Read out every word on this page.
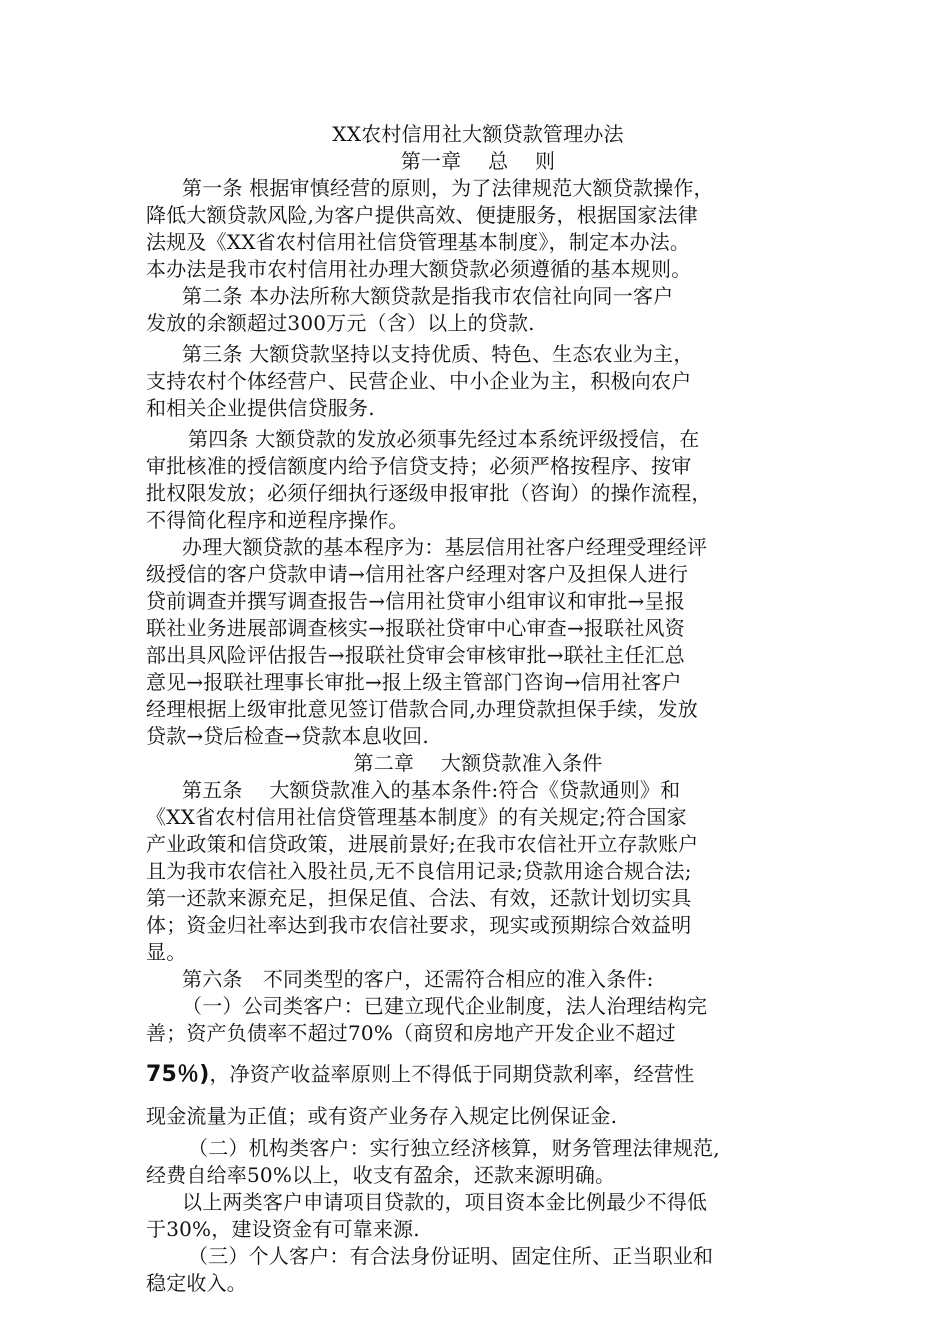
XX农村信用社大额贷款管理办法
第一章　 总　 则
第一条 根据审慎经营的原则，为了法律规范大额贷款操作，
降低大额贷款风险,为客户提供高效、便捷服务，根据国家法律
法规及《XX省农村信用社信贷管理基本制度》，制定本办法。
本办法是我市农村信用社办理大额贷款必须遵循的基本规则。
第二条 本办法所称大额贷款是指我市农信社向同一客户
发放的余额超过300万元（含）以上的贷款.
第三条 大额贷款坚持以支持优质、特色、生态农业为主，
支持农村个体经营户、民营企业、中小企业为主，积极向农户
和相关企业提供信贷服务.
第四条 大额贷款的发放必须事先经过本系统评级授信，在
审批核准的授信额度内给予信贷支持；必须严格按程序、按审
批权限发放；必须仔细执行逐级申报审批（咨询）的操作流程，
不得简化程序和逆程序操作。
办理大额贷款的基本程序为：基层信用社客户经理受理经评
级授信的客户贷款申请→信用社客户经理对客户及担保人进行
贷前调查并撰写调查报告→信用社贷审小组审议和审批→呈报
联社业务进展部调查核实→报联社贷审中心审查→报联社风资
部出具风险评估报告→报联社贷审会审核审批→联社主任汇总
意见→报联社理事长审批→报上级主管部门咨询→信用社客户
经理根据上级审批意见签订借款合同,办理贷款担保手续，发放
贷款→贷后检查→贷款本息收回.
第二章　 大额贷款准入条件
第五条　 大额贷款准入的基本条件:符合《贷款通则》和
《XX省农村信用社信贷管理基本制度》的有关规定;符合国家
产业政策和信贷政策，进展前景好;在我市农信社开立存款账户
且为我市农信社入股社员,无不良信用记录;贷款用途合规合法;
第一还款来源充足，担保足值、合法、有效，还款计划切实具
体；资金归社率达到我市农信社要求，现实或预期综合效益明
显。
第六条　不同类型的客户，还需符合相应的准入条件:
（一）公司类客户：已建立现代企业制度，法人治理结构完
善；资产负债率不超过70%（商贸和房地产开发企业不超过
75％)，净资产收益率原则上不得低于同期贷款利率，经营性
现金流量为正值；或有资产业务存入规定比例保证金.
（二）机构类客户：实行独立经济核算，财务管理法律规范,
经费自给率50%以上，收支有盈余，还款来源明确。
以上两类客户申请项目贷款的，项目资本金比例最少不得低
于30%，建设资金有可靠来源.
（三）个人客户：有合法身份证明、固定住所、正当职业和
稳定收入。
